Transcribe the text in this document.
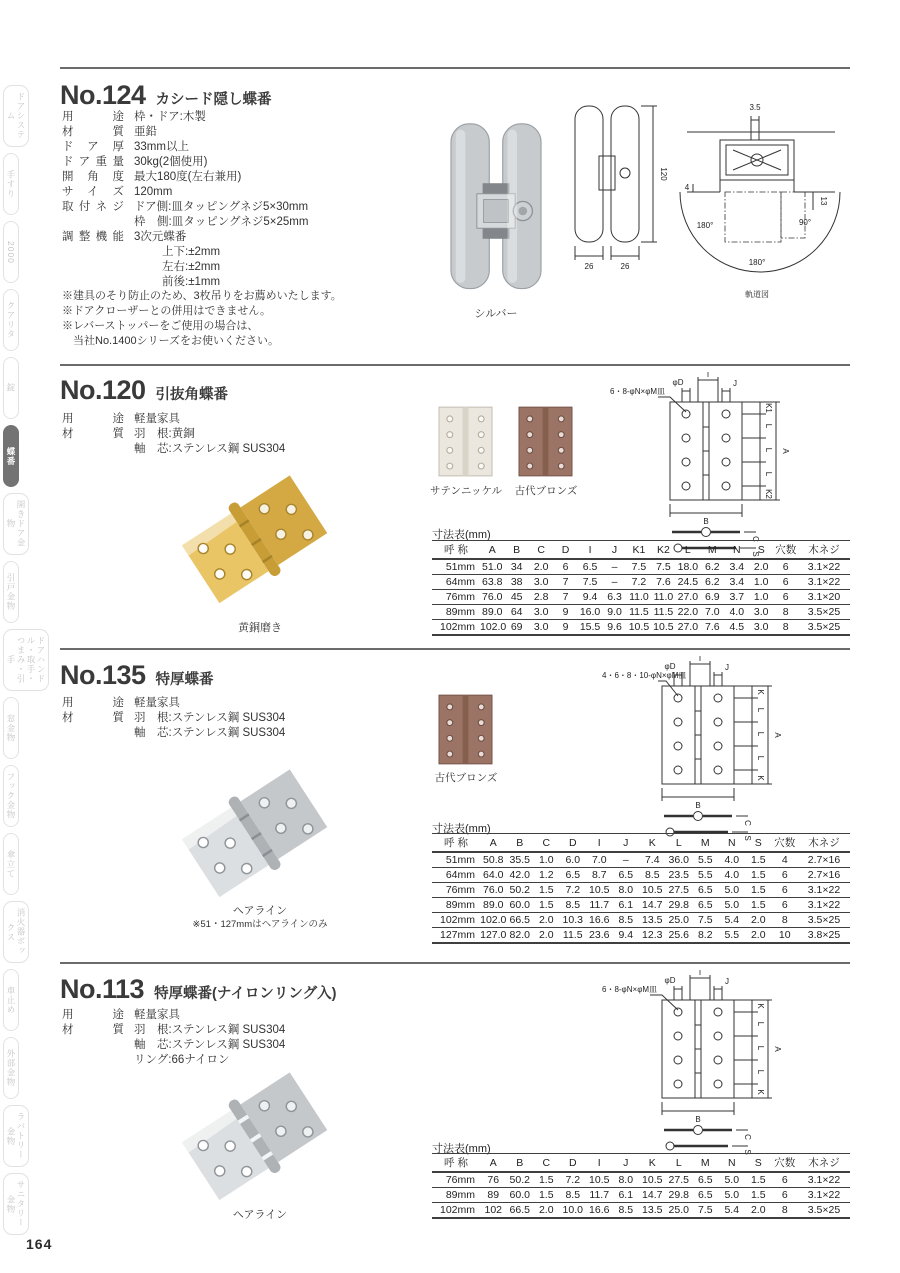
ドアシステム
手すり
2000
クアリタ
錠
蝶番
開きドア金物
引戸金物
ドアハンドル・取手・つまみ・引手
窓金物
フック金物
傘立て
消火器ボックス
車止め
外部金物
ラバトリー金物
サニタリー金物
164
No.124 カシード隠し蝶番
用途 枠・ドア:木製
材質 亜鉛
ドア厚 33mm以上
ドア重量 30kg(2個使用)
開角度 最大180度(左右兼用)
サイズ 120mm
取付ネジ ドア側:皿タッピングネジ5×30mm
枠　側:皿タッピングネジ5×25mm
調整機能 3次元蝶番
上下:±2mm
左右:±2mm
前後:±1mm
※建具のそり防止のため、3枚吊りをお薦めいたします。
※ドアクローザーとの併用はできません。
※レバーストッパーをご使用の場合は、
　当社No.1400シリーズをお使いください。
シルバー
120
26	26
3.5
4
13
180°	90°
180°
軌道図
No.120 引抜角蝶番
用途 軽量家具
材質 羽　根:黄銅
軸　芯:ステンレス鋼 SUS304
黄銅磨き
サテンニッケル	古代ブロンズ
6・8-φN×φM皿
φD
I
J
K1
L
L
L
K2
A
B
C
S
寸法表(mm)
呼 称	A	B	C	D	I	J	K1	K2	L	M	N	S	穴数	木ネジ
51mm	51.0	34	2.0	6	6.5	–	7.5	7.5	18.0	6.2	3.4	2.0	6	3.1×22
64mm	63.8	38	3.0	7	7.5	–	7.2	7.6	24.5	6.2	3.4	1.0	6	3.1×22
76mm	76.0	45	2.8	7	9.4	6.3	11.0	11.0	27.0	6.9	3.7	1.0	6	3.1×20
89mm	89.0	64	3.0	9	16.0	9.0	11.5	11.5	22.0	7.0	4.0	3.0	8	3.5×25
102mm	102.0	69	3.0	9	15.5	9.6	10.5	10.5	27.0	7.6	4.5	3.0	8	3.5×25
No.135 特厚蝶番
用途 軽量家具
材質 羽　根:ステンレス鋼 SUS304
軸　芯:ステンレス鋼 SUS304
古代ブロンズ
ヘアライン
※51・127mmはヘアラインのみ
4・6・8・10-φN×φM皿
φD
I
J
K
L
L
L
K
A
B
C
S
寸法表(mm)
呼 称	A	B	C	D	I	J	K	L	M	N	S	穴数	木ネジ
51mm	50.8	35.5	1.0	6.0	7.0	–	7.4	36.0	5.5	4.0	1.5	4	2.7×16
64mm	64.0	42.0	1.2	6.5	8.7	6.5	8.5	23.5	5.5	4.0	1.5	6	2.7×16
76mm	76.0	50.2	1.5	7.2	10.5	8.0	10.5	27.5	6.5	5.0	1.5	6	3.1×22
89mm	89.0	60.0	1.5	8.5	11.7	6.1	14.7	29.8	6.5	5.0	1.5	6	3.1×22
102mm	102.0	66.5	2.0	10.3	16.6	8.5	13.5	25.0	7.5	5.4	2.0	8	3.5×25
127mm	127.0	82.0	2.0	11.5	23.6	9.4	12.3	25.6	8.2	5.5	2.0	10	3.8×25
No.113 特厚蝶番(ナイロンリング入)
用途 軽量家具
材質 羽　根:ステンレス鋼 SUS304
軸　芯:ステンレス鋼 SUS304
リング:66ナイロン
ヘアライン
6・8-φN×φM皿
φD
I
J
K
L
L
L
K
A
B
C
S
寸法表(mm)
呼 称	A	B	C	D	I	J	K	L	M	N	S	穴数	木ネジ
76mm	76	50.2	1.5	7.2	10.5	8.0	10.5	27.5	6.5	5.0	1.5	6	3.1×22
89mm	89	60.0	1.5	8.5	11.7	6.1	14.7	29.8	6.5	5.0	1.5	6	3.1×22
102mm	102	66.5	2.0	10.0	16.6	8.5	13.5	25.0	7.5	5.4	2.0	8	3.5×25
